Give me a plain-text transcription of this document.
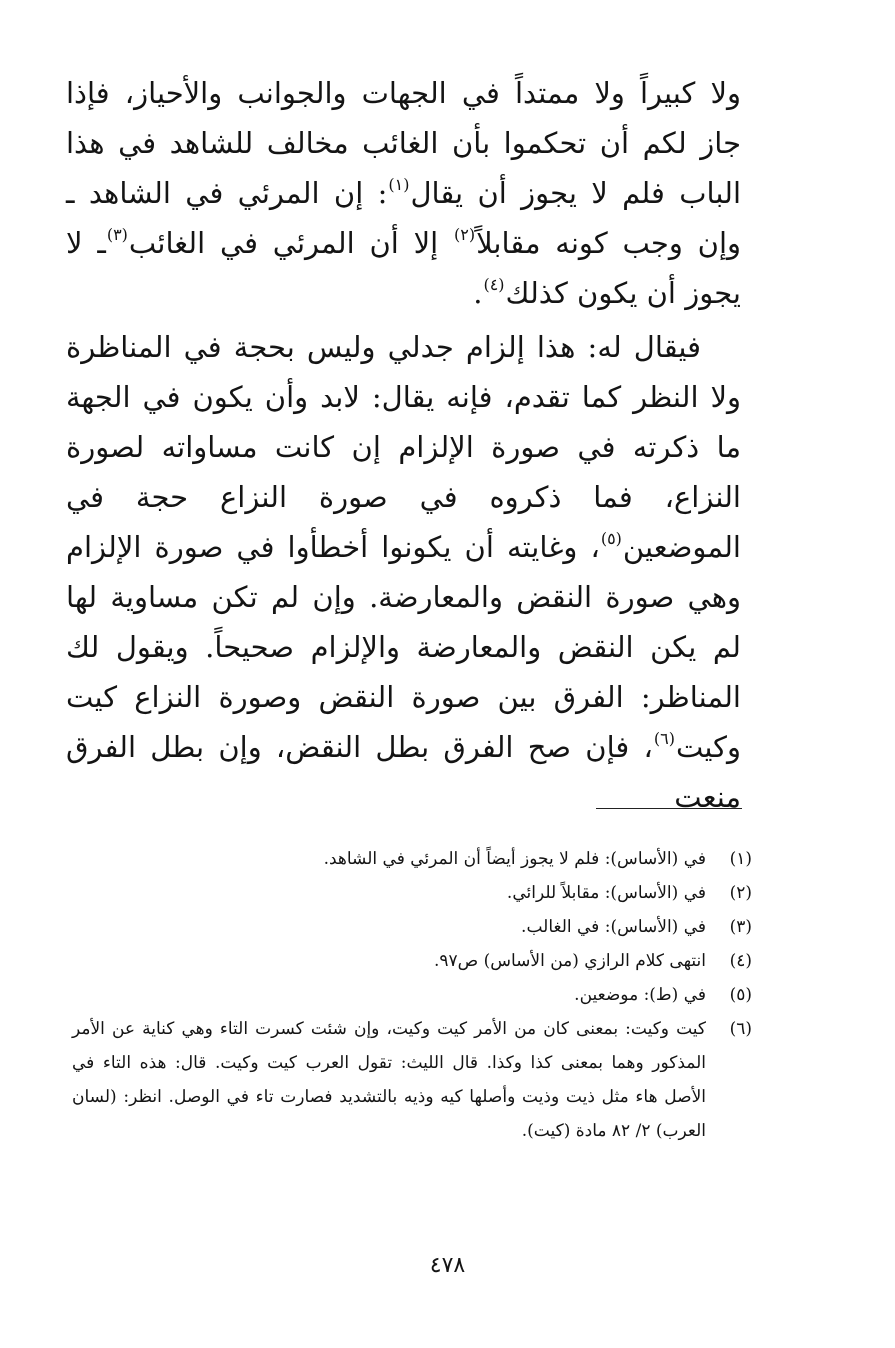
ولا كبيراً ولا ممتداً في الجهات والجوانب والأحياز، فإذا جاز لكم أن تحكموا بأن الغائب مخالف للشاهد في هذا الباب فلم لا يجوز أن يقال$^{(١)}$: إن المرئي في الشاهد ـ وإن وجب كونه مقابلاً$^{(٢)}$ إلا أن المرئي في الغائب$^{(٣)}$ـ لا يجوز أن يكون كذلك$^{(٤)}$.

فيقال له: هذا إلزام جدلي وليس بحجة في المناظرة ولا النظر كما تقدم، فإنه يقال: لابد وأن يكون في الجهة ما ذكرته في صورة الإلزام إن كانت مساواته لصورة النزاع، فما ذكروه في صورة النزاع حجة في الموضعين$^{(٥)}$، وغايته أن يكونوا أخطأوا في صورة الإلزام وهي صورة النقض والمعارضة. وإن لم تكن مساوية لها لم يكن النقض والمعارضة والإلزام صحيحاً. ويقول لك المناظر: الفرق بين صورة النقض وصورة النزاع كيت وكيت$^{(٦)}$، فإن صح الفرق بطل النقض، وإن بطل الفرق منعت

(١)
في (الأساس): فلم لا يجوز أيضاً أن المرئي في الشاهد.
(٢)
في (الأساس): مقابلاً للرائي.
(٣)
في (الأساس): في الغالب.
(٤)
انتهى كلام الرازي (من الأساس) ص٩٧.
(٥)
في (ط): موضعين.
(٦)
كيت وكيت: بمعنى كان من الأمر كيت وكيت، وإن شئت كسرت التاء وهي كناية عن الأمر المذكور وهما بمعنى كذا وكذا. قال الليث: تقول العرب كيت وكيت. قال: هذه التاء في الأصل هاء مثل ذيت وذيت وأصلها كيه وذيه بالتشديد فصارت تاء في الوصل. انظر: (لسان العرب) ٢/ ٨٢ مادة (كيت).
٤٧٨
